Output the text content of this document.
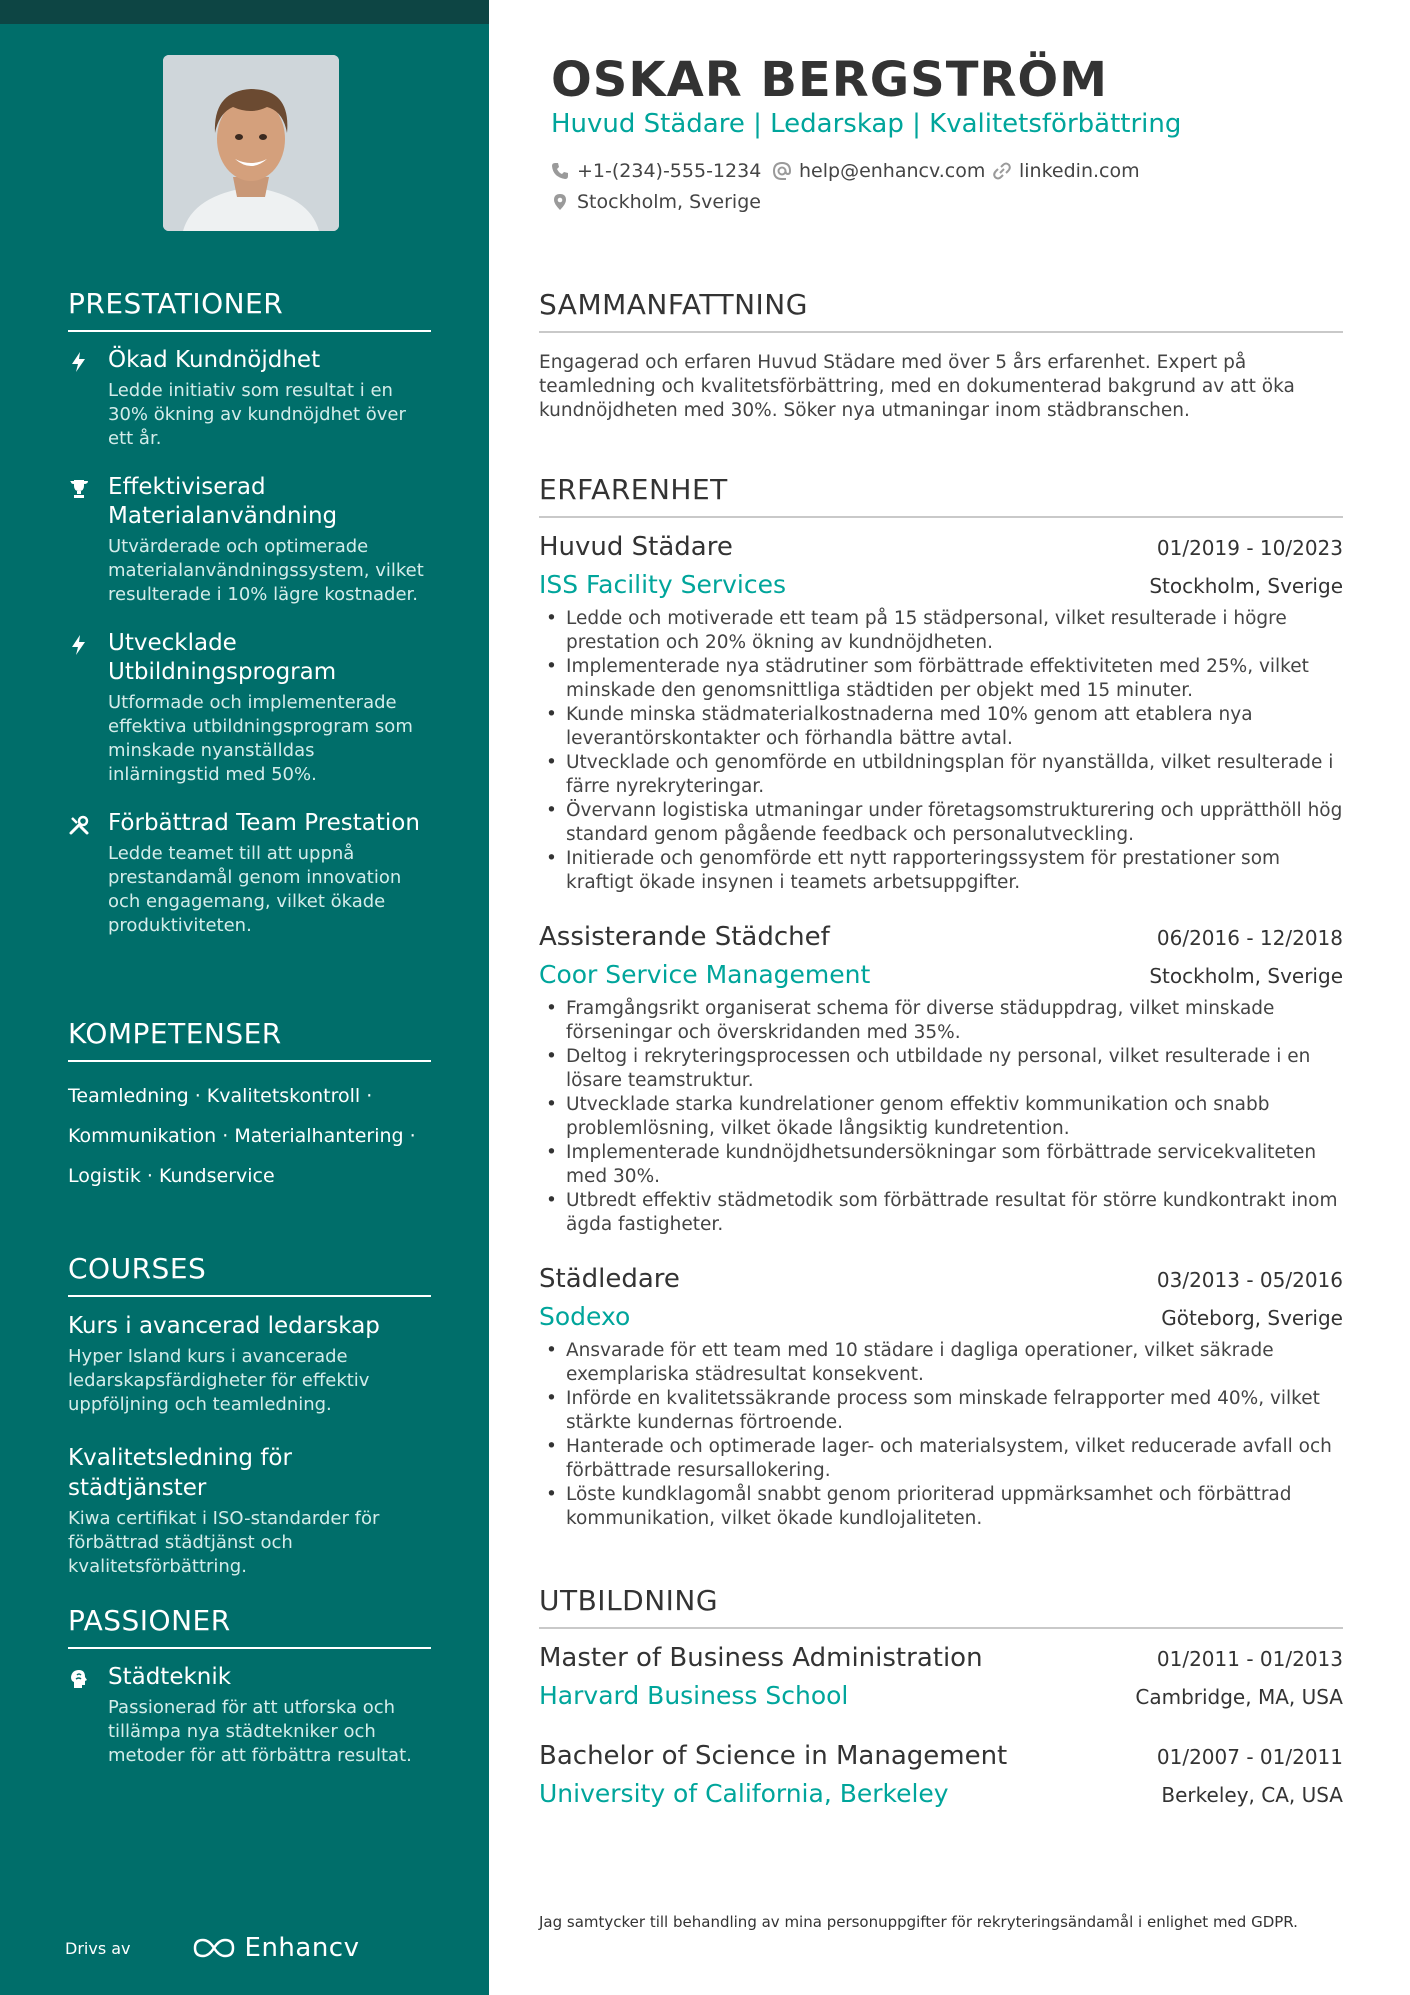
PRESTATIONER
Ökad Kundnöjdhet
Ledde initiativ som resultat i en 30% ökning av kundnöjdhet över ett år.
Effektiviserad Materialanvändning
Utvärderade och optimerade materialanvändningssystem, vilket resulterade i 10% lägre kostnader.
Utvecklade Utbildningsprogram
Utformade och implementerade effektiva utbildningsprogram som minskade nyanställdas inlärningstid med 50%.
Förbättrad Team Prestation
Ledde teamet till att uppnå prestandamål genom innovation och engagemang, vilket ökade produktiviteten.
KOMPETENSER
Teamledning · Kvalitetskontroll ·
Kommunikation · Materialhantering ·
Logistik · Kundservice
COURSES
Kurs i avancerad ledarskap
Hyper Island kurs i avancerade ledarskapsfärdigheter för effektiv uppföljning och teamledning.
Kvalitetsledning för städtjänster
Kiwa certifikat i ISO-standarder för förbättrad städtjänst och kvalitetsförbättring.
PASSIONER
Städteknik
Passionerad för att utforska och tillämpa nya städtekniker och metoder för att förbättra resultat.
Drivs av	Enhancv
OSKAR BERGSTRÖM
Huvud Städare | Ledarskap | Kvalitetsförbättring
+1-(234)-555-1234 help@enhancv.com linkedin.com
Stockholm, Sverige
SAMMANFATTNING
Engagerad och erfaren Huvud Städare med över 5 års erfarenhet. Expert på teamledning och kvalitetsförbättring, med en dokumenterad bakgrund av att öka kundnöjdheten med 30%. Söker nya utmaningar inom städbranschen.
ERFARENHET
Huvud Städare	01/2019 - 10/2023
ISS Facility Services	Stockholm, Sverige
• Ledde och motiverade ett team på 15 städpersonal, vilket resulterade i högre prestation och 20% ökning av kundnöjdheten.
• Implementerade nya städrutiner som förbättrade effektiviteten med 25%, vilket minskade den genomsnittliga städtiden per objekt med 15 minuter.
• Kunde minska städmaterialkostnaderna med 10% genom att etablera nya leverantörskontakter och förhandla bättre avtal.
• Utvecklade och genomförde en utbildningsplan för nyanställda, vilket resulterade i färre nyrekryteringar.
• Övervann logistiska utmaningar under företagsomstrukturering och upprätthöll hög standard genom pågående feedback och personalutveckling.
• Initierade och genomförde ett nytt rapporteringssystem för prestationer som kraftigt ökade insynen i teamets arbetsuppgifter.
Assisterande Städchef	06/2016 - 12/2018
Coor Service Management	Stockholm, Sverige
• Framgångsrikt organiserat schema för diverse städuppdrag, vilket minskade förseningar och överskridanden med 35%.
• Deltog i rekryteringsprocessen och utbildade ny personal, vilket resulterade i en lösare teamstruktur.
• Utvecklade starka kundrelationer genom effektiv kommunikation och snabb problemlösning, vilket ökade långsiktig kundretention.
• Implementerade kundnöjdhetsundersökningar som förbättrade servicekvaliteten med 30%.
• Utbredt effektiv städmetodik som förbättrade resultat för större kundkontrakt inom ägda fastigheter.
Städledare	03/2013 - 05/2016
Sodexo	Göteborg, Sverige
• Ansvarade för ett team med 10 städare i dagliga operationer, vilket säkrade exemplariska städresultat konsekvent.
• Införde en kvalitetssäkrande process som minskade felrapporter med 40%, vilket stärkte kundernas förtroende.
• Hanterade och optimerade lager- och materialsystem, vilket reducerade avfall och förbättrade resursallokering.
• Löste kundklagomål snabbt genom prioriterad uppmärksamhet och förbättrad kommunikation, vilket ökade kundlojaliteten.
UTBILDNING
Master of Business Administration	01/2011 - 01/2013
Harvard Business School	Cambridge, MA, USA
Bachelor of Science in Management	01/2007 - 01/2011
University of California, Berkeley	Berkeley, CA, USA
Jag samtycker till behandling av mina personuppgifter för rekryteringsändamål i enlighet med GDPR.
